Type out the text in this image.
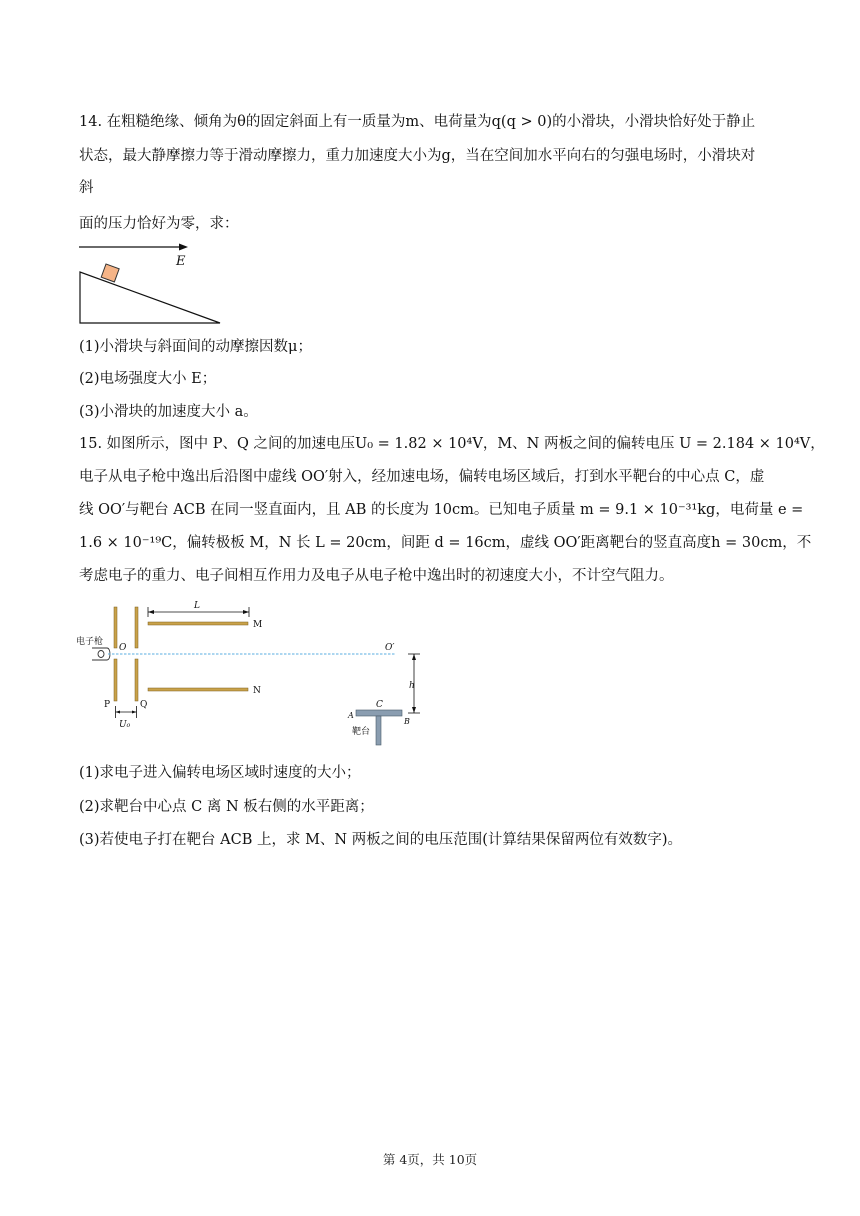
14. 在粗糙绝缘、倾角为θ的固定斜面上有一质量为m、电荷量为q(q > 0)的小滑块，小滑块恰好处于静止
状态，最大静摩擦力等于滑动摩擦力，重力加速度大小为g，当在空间加水平向右的匀强电场时，小滑块对
斜
面的压力恰好为零，求：
E
(1)小滑块与斜面间的动摩擦因数μ；
(2)电场强度大小 E；
(3)小滑块的加速度大小 a。
15. 如图所示，图中 P、Q 之间的加速电压U₀ = 1.82 × 10⁴V，M、N 两板之间的偏转电压 U = 2.184 × 10⁴V，
电子从电子枪中逸出后沿图中虚线 OO′射入，经加速电场，偏转电场区域后，打到水平靶台的中心点 C，虚
线 OO′与靶台 ACB 在同一竖直面内，且 AB 的长度为 10cm。已知电子质量 m = 9.1 × 10⁻³¹kg，电荷量 e =
1.6 × 10⁻¹⁹C，偏转极板 M，N 长 L = 20cm，间距 d = 16cm，虚线 OO′距离靶台的竖直高度h = 30cm，不
考虑电子的重力、电子间相互作用力及电子从电子枪中逸出时的初速度大小，不计空气阻力。
L
M
N
O
P	Q
U₀
电子枪
O′
h
C
A
B
靶台
(1)求电子进入偏转电场区域时速度的大小；
(2)求靶台中心点 C 离 N 板右侧的水平距离；
(3)若使电子打在靶台 ACB 上，求 M、N 两板之间的电压范围(计算结果保留两位有效数字)。
第 4页，共 10页
